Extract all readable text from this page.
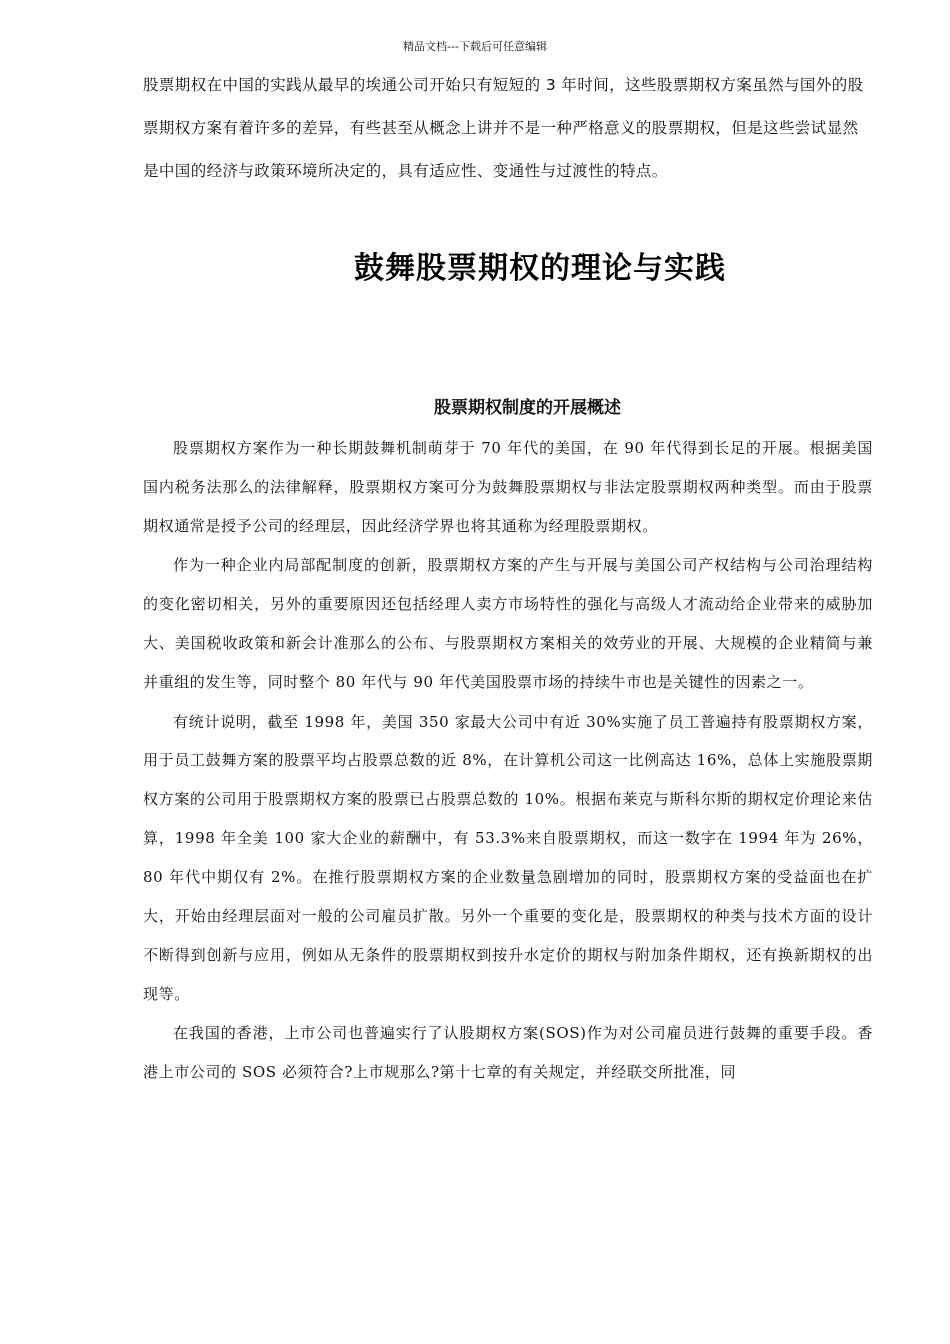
精品文档---下载后可任意编辑

股票期权在中国的实践从最早的埃通公司开始只有短短的 3 年时间，这些股票期权方案虽然与国外的股票期权方案有着许多的差异，有些甚至从概念上讲并不是一种严格意义的股票期权，但是这些尝试显然是中国的经济与政策环境所决定的，具有适应性、变通性与过渡性的特点。

鼓舞股票期权的理论与实践
股票期权制度的开展概述

股票期权方案作为一种长期鼓舞机制萌芽于 70 年代的美国，在 90 年代得到长足的开展。根据美国国内税务法那么的法律解释，股票期权方案可分为鼓舞股票期权与非法定股票期权两种类型。而由于股票期权通常是授予公司的经理层，因此经济学界也将其通称为经理股票期权。

作为一种企业内局部配制度的创新，股票期权方案的产生与开展与美国公司产权结构与公司治理结构的变化密切相关，另外的重要原因还包括经理人卖方市场特性的强化与高级人才流动给企业带来的威胁加大、美国税收政策和新会计准那么的公布、与股票期权方案相关的效劳业的开展、大规模的企业精简与兼并重组的发生等，同时整个 80 年代与 90 年代美国股票市场的持续牛市也是关键性的因素之一。

有统计说明，截至 1998 年，美国 350 家最大公司中有近 30%实施了员工普遍持有股票期权方案，用于员工鼓舞方案的股票平均占股票总数的近 8%，在计算机公司这一比例高达 16%，总体上实施股票期权方案的公司用于股票期权方案的股票已占股票总数的 10%。根据布莱克与斯科尔斯的期权定价理论来估算，1998 年全美 100 家大企业的薪酬中，有 53.3%来自股票期权，而这一数字在 1994 年为 26%，80 年代中期仅有 2%。在推行股票期权方案的企业数量急剧增加的同时，股票期权方案的受益面也在扩大，开始由经理层面对一般的公司雇员扩散。另外一个重要的变化是，股票期权的种类与技术方面的设计不断得到创新与应用，例如从无条件的股票期权到按升水定价的期权与附加条件期权，还有换新期权的出现等。

在我国的香港，上市公司也普遍实行了认股期权方案(SOS)作为对公司雇员进行鼓舞的重要手段。香港上市公司的 SOS 必须符合?上市规那么?第十七章的有关规定，并经联交所批准，同
